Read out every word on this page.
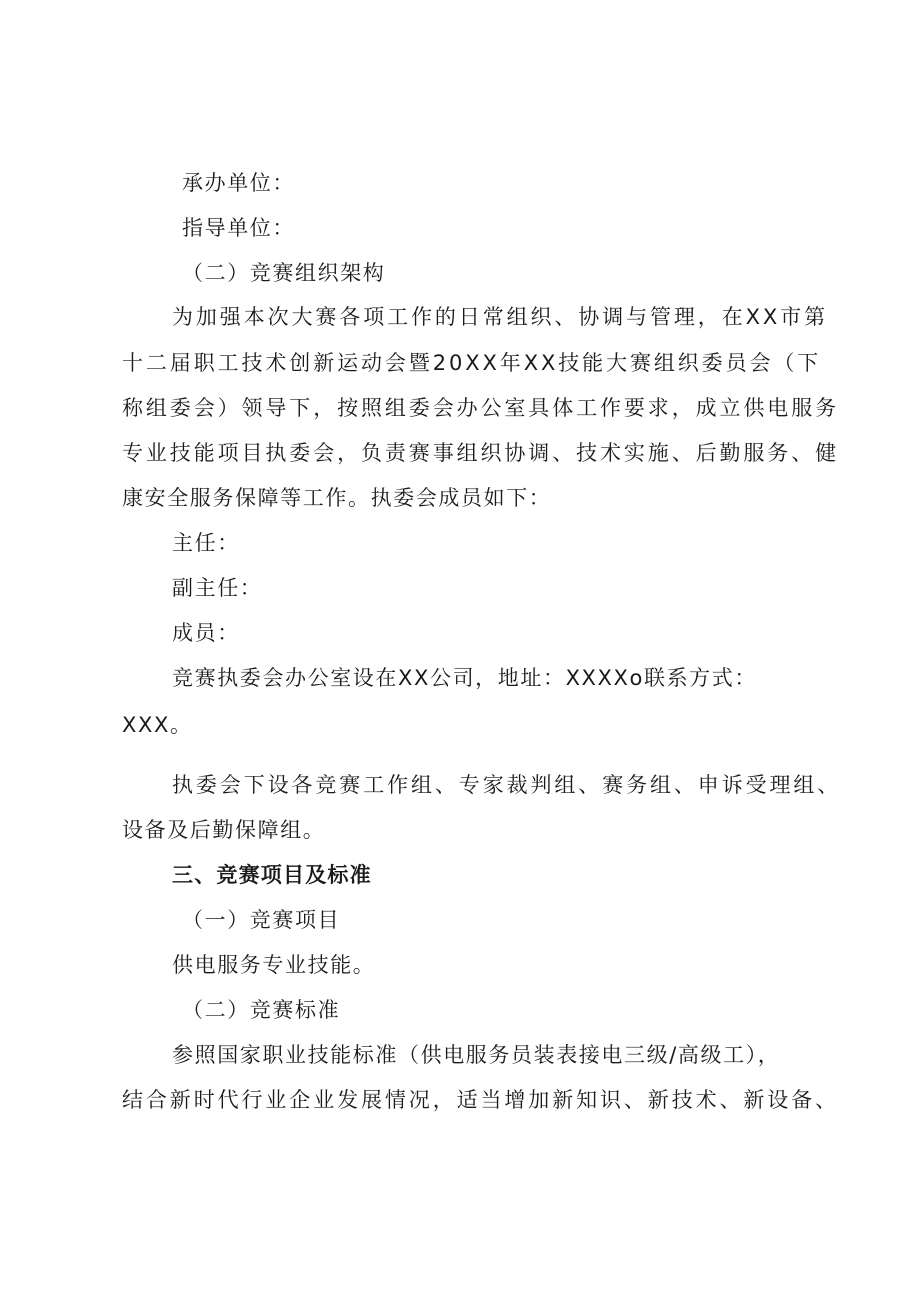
承办单位：
指导单位：
（二）竞赛组织架构
为加强本次大赛各项工作的日常组织、协调与管理，在XX市第
十二届职工技术创新运动会暨20XX年XX技能大赛组织委员会（下
称组委会）领导下，按照组委会办公室具体工作要求，成立供电服务
专业技能项目执委会，负责赛事组织协调、技术实施、后勤服务、健
康安全服务保障等工作。执委会成员如下：
主任：
副主任：
成员：
竞赛执委会办公室设在XX公司，地址：XXXXo联系方式：
XXX。
执委会下设各竞赛工作组、专家裁判组、赛务组、申诉受理组、
设备及后勤保障组。
三、竞赛项目及标准
（一）竞赛项目
供电服务专业技能。
（二）竞赛标准
参照国家职业技能标准（供电服务员装表接电三级/高级工），
结合新时代行业企业发展情况，适当增加新知识、新技术、新设备、
